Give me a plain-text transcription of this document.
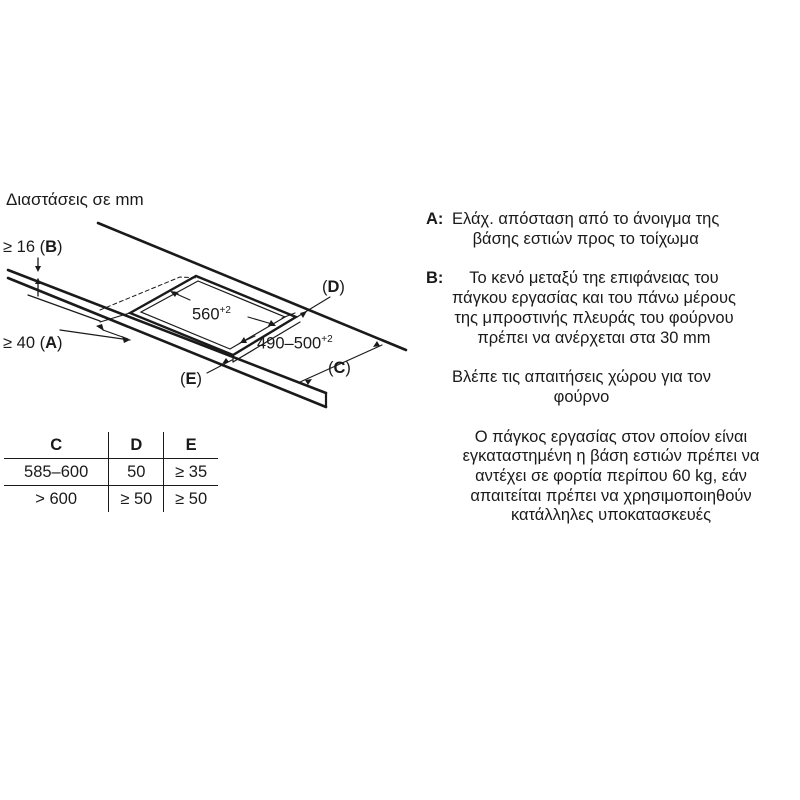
Διαστάσεις σε mm
≥ 16 (B)
≥ 40 (A)
(D)
(C)
(E)
$560^{+2}$
$490-500^{+2}$
C	D	E
585–600	50	≥ 35
> 600	≥ 50	≥ 50
A: Ελάχ. απόσταση από το άνοιγμα της
βάσης εστιών προς το τοίχωμα
B:	Το κενό μεταξύ τηε επιφάνειας του
πάγκου εργασίας και του πάνω μέρους
της μπροστινής πλευράς του φούρνου
πρέπει να ανέρχεται στα 30 mm
Βλέπε τις απαιτήσεις χώρου για τον
φούρνο
Ο πάγκος εργασίας στον οποίον είναι
εγκαταστημένη η βάση εστιών πρέπει να
αντέχει σε φορτία περίπου 60 kg, εάν
απαιτείται πρέπει να χρησιμοποιηθούν
κατάλληλες υποκατασκευές
